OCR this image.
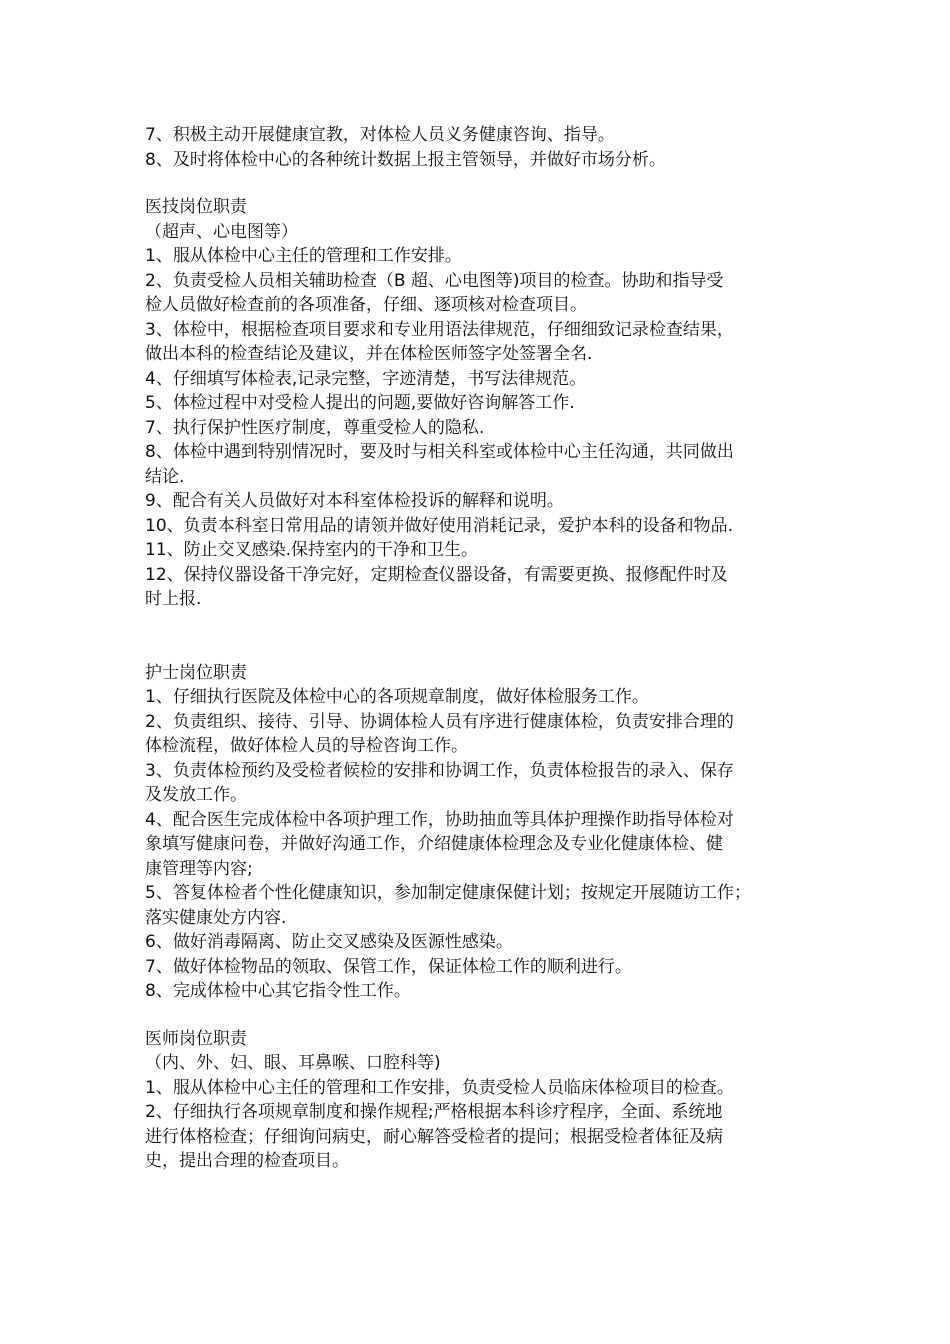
7、积极主动开展健康宣教，对体检人员义务健康咨询、指导。

8、及时将体检中心的各种统计数据上报主管领导，并做好市场分析。

医技岗位职责

（超声、心电图等）

1、服从体检中心主任的管理和工作安排。

2、负责受检人员相关辅助检查（B 超、心电图等)项目的检查。协助和指导受

检人员做好检查前的各项准备，仔细、逐项核对检查项目。

3、体检中，根据检查项目要求和专业用语法律规范，仔细细致记录检查结果，

做出本科的检查结论及建议，并在体检医师签字处签署全名.

4、仔细填写体检表,记录完整，字迹清楚，书写法律规范。

5、体检过程中对受检人提出的问题,要做好咨询解答工作.

7、执行保护性医疗制度，尊重受检人的隐私.

8、体检中遇到特别情况时，要及时与相关科室或体检中心主任沟通，共同做出

结论.

9、配合有关人员做好对本科室体检投诉的解释和说明。

10、负责本科室日常用品的请领并做好使用消耗记录，爱护本科的设备和物品.

11、防止交叉感染.保持室内的干净和卫生。

12、保持仪器设备干净完好，定期检查仪器设备，有需要更换、报修配件时及

时上报.

护士岗位职责

1、仔细执行医院及体检中心的各项规章制度，做好体检服务工作。

2、负责组织、接待、引导、协调体检人员有序进行健康体检，负责安排合理的

体检流程，做好体检人员的导检咨询工作。

3、负责体检预约及受检者候检的安排和协调工作，负责体检报告的录入、保存

及发放工作。

4、配合医生完成体检中各项护理工作，协助抽血等具体护理操作助指导体检对

象填写健康问卷，并做好沟通工作，介绍健康体检理念及专业化健康体检、健

康管理等内容;

5、答复体检者个性化健康知识，参加制定健康保健计划；按规定开展随访工作；

落实健康处方内容.

6、做好消毒隔离、防止交叉感染及医源性感染。

7、做好体检物品的领取、保管工作，保证体检工作的顺利进行。

8、完成体检中心其它指令性工作。

医师岗位职责

（内、外、妇、眼、耳鼻喉、口腔科等)

1、服从体检中心主任的管理和工作安排，负责受检人员临床体检项目的检查。

2、仔细执行各项规章制度和操作规程;严格根据本科诊疗程序，全面、系统地

进行体格检查；仔细询问病史，耐心解答受检者的提问；根据受检者体征及病

史，提出合理的检查项目。
